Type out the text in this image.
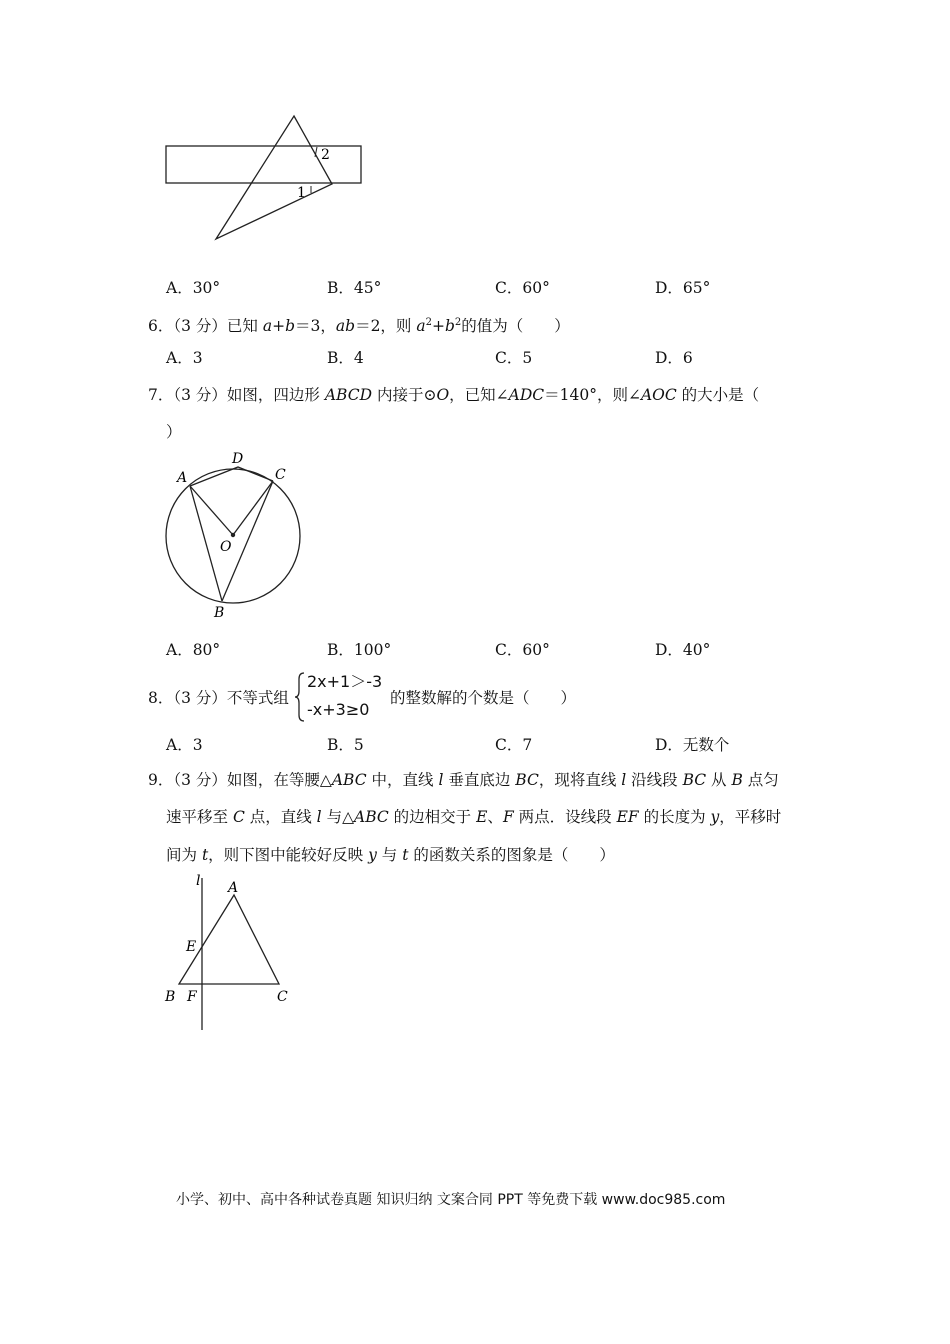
2
1
A．30°	B．45°	C．60°	D．65°
6．（3 分）已知 a+b＝3，ab＝2，则 $a^2+b^2$的值为（　　）
A．3	B．4	C．5	D．6
7．（3 分）如图，四边形 ABCD 内接于⊙O，已知∠ADC＝140°，则∠AOC 的大小是（
）
A
D
C
O
B
A．80°	B．100°	C．60°	D．40°
8．（3 分）不等式组
2x+1＞-3
-x+3≥0
的整数解的个数是（　　）
A．3	B．5	C．7	D．无数个
9．（3 分）如图，在等腰△ABC 中，直线 l 垂直底边 BC，现将直线 l 沿线段 BC 从 B 点匀
速平移至 C 点，直线 l 与△ABC 的边相交于 E、F 两点．设线段 EF 的长度为 y，平移时
间为 t，则下图中能较好反映 y 与 t 的函数关系的图象是（　　）
l A
E
B F	C
小学、初中、高中各种试卷真题 知识归纳 文案合同 PPT 等免费下载 www.doc985.com
